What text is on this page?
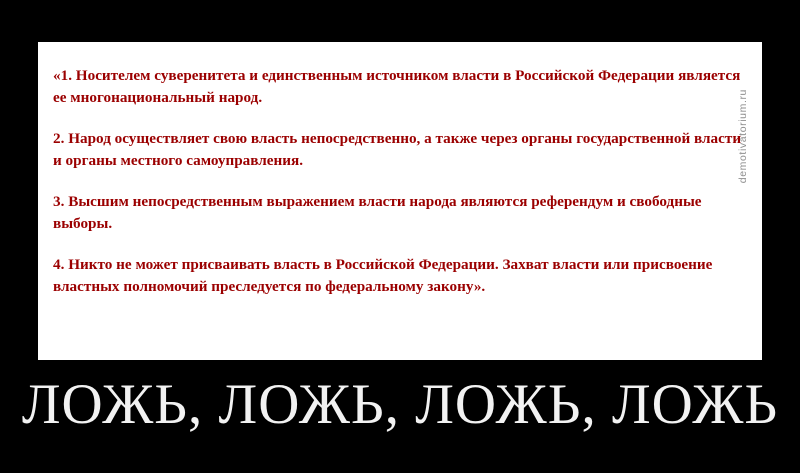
«1. Носителем суверенитета и единственным источником власти в Российской Федерации является ее многонациональный народ.

2. Народ осуществляет свою власть непосредственно, а также через органы государственной власти и органы местного самоуправления.

3. Высшим непосредственным выражением власти народа являются референдум и свободные выборы.

4. Никто не может присваивать власть в Российской Федерации. Захват власти или присвоение властных полномочий преследуется по федеральному закону».

demotivatorium.ru
ЛОЖЬ, ЛОЖЬ, ЛОЖЬ, ЛОЖЬ
